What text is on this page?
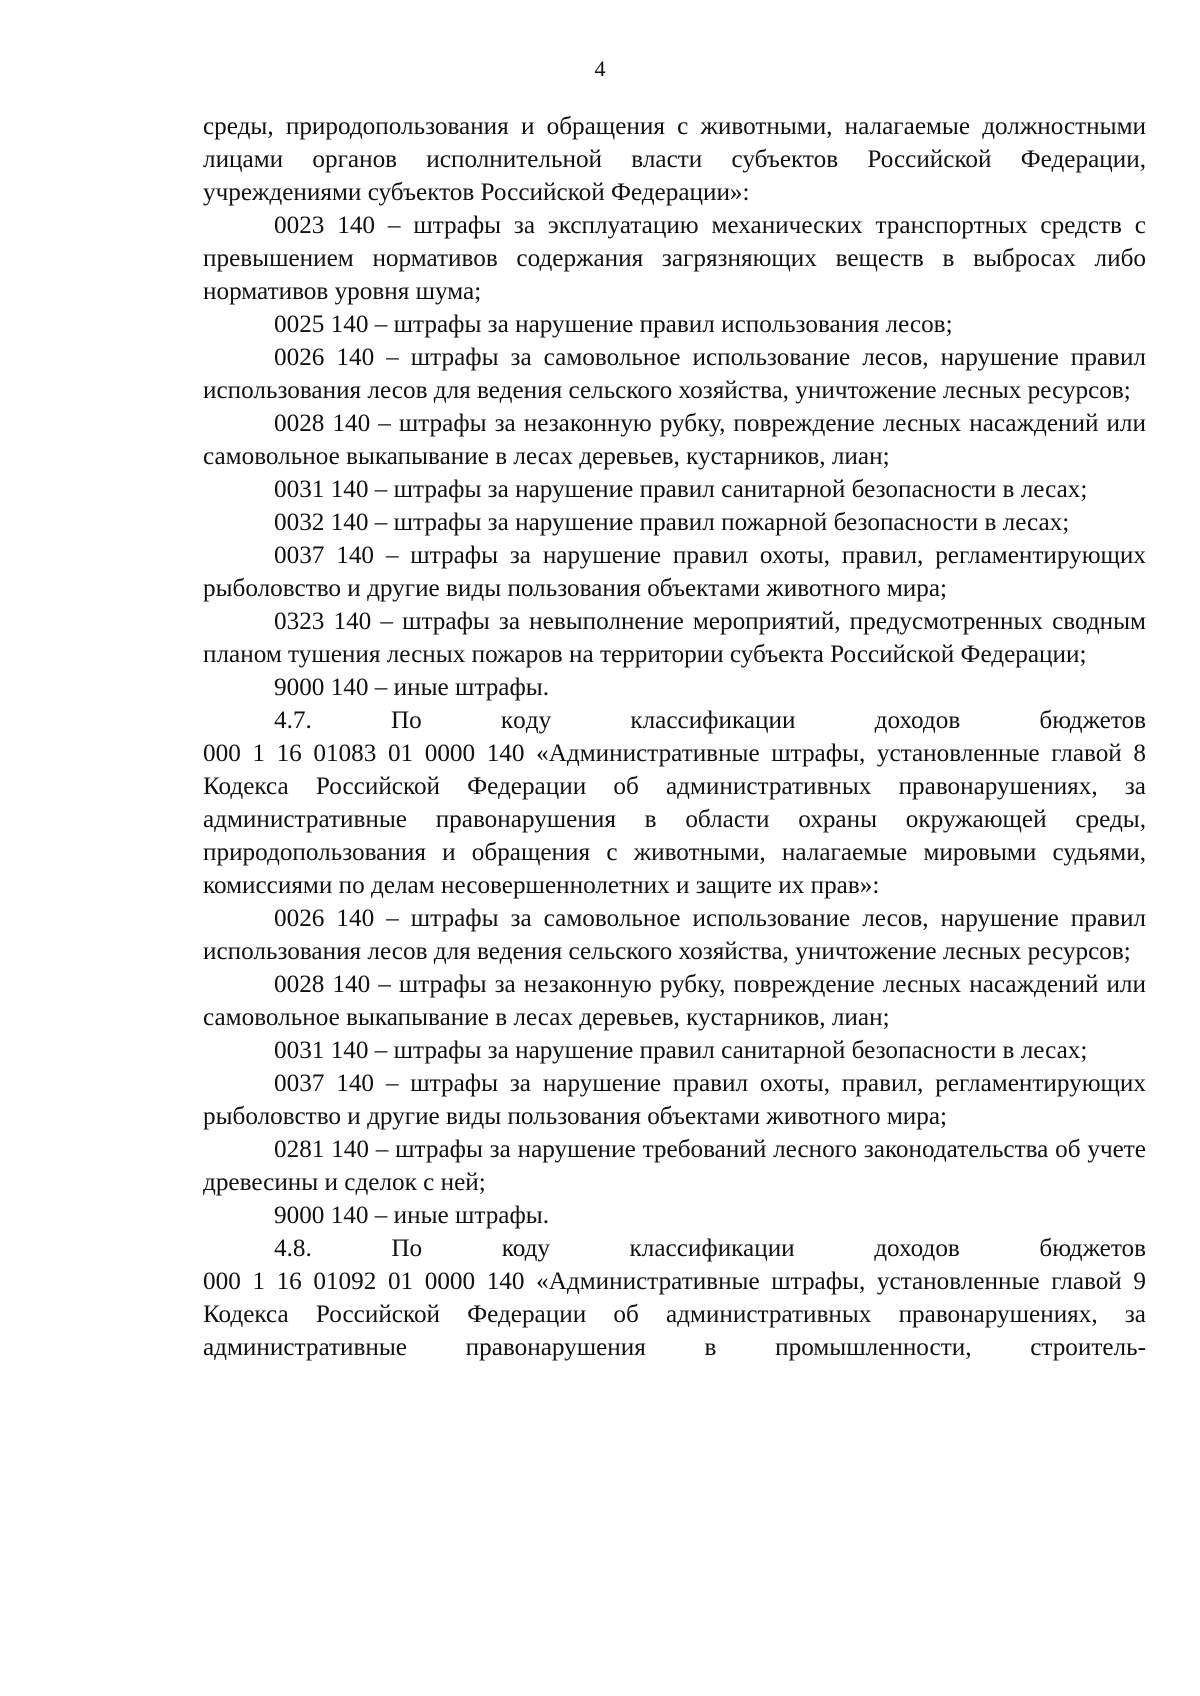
4

среды, природопользования и обращения с животными, налагаемые должностными лицами органов исполнительной власти субъектов Российской Федерации, учреждениями субъектов Российской Федерации»:

0023 140 – штрафы за эксплуатацию механических транспортных средств с превышением нормативов содержания загрязняющих веществ в выбросах либо нормативов уровня шума;

0025 140 – штрафы за нарушение правил использования лесов;

0026 140 – штрафы за самовольное использование лесов, нарушение правил использования лесов для ведения сельского хозяйства, уничтожение лесных ресурсов;

0028 140 – штрафы за незаконную рубку, повреждение лесных насаждений или самовольное выкапывание в лесах деревьев, кустарников, лиан;

0031 140 – штрафы за нарушение правил санитарной безопасности в лесах;

0032 140 – штрафы за нарушение правил пожарной безопасности в лесах;

0037 140 – штрафы за нарушение правил охоты, правил, регламентирующих рыболовство и другие виды пользования объектами животного мира;

0323 140 – штрафы за невыполнение мероприятий, предусмотренных сводным планом тушения лесных пожаров на территории субъекта Российской Федерации;

9000 140 – иные штрафы.

4.7. По кoду классификации доходов бюджетов

000 1 16 01083 01 0000 140 «Административные штрафы, установленные главой 8 Кодекса Российской Федерации об административных правонарушениях, за административные правонарушения в области охраны окружающей среды, природопользования и обращения с животными, налагаемые мировыми судьями, комиссиями по делам несовершеннолетних и защите их прав»:

0026 140 – штрафы за самовольное использование лесов, нарушение правил использования лесов для ведения сельского хозяйства, уничтожение лесных ресурсов;

0028 140 – штрафы за незаконную рубку, повреждение лесных насаждений или самовольное выкапывание в лесах деревьев, кустарников, лиан;

0031 140 – штрафы за нарушение правил санитарной безопасности в лесах;

0037 140 – штрафы за нарушение правил охоты, правил, регламентирующих рыболовство и другие виды пользования объектами животного мира;

0281 140 – штрафы за нарушение требований лесного законодательства об учете древесины и сделок с ней;

9000 140 – иные штрафы.

4.8. По коду классификации доходов бюджетов

000 1 16 01092 01 0000 140 «Административные штрафы, установленные главой 9 Кодекса Российской Федерации об административных правонарушениях, за административные правонарушения в промышленности, строитель-
